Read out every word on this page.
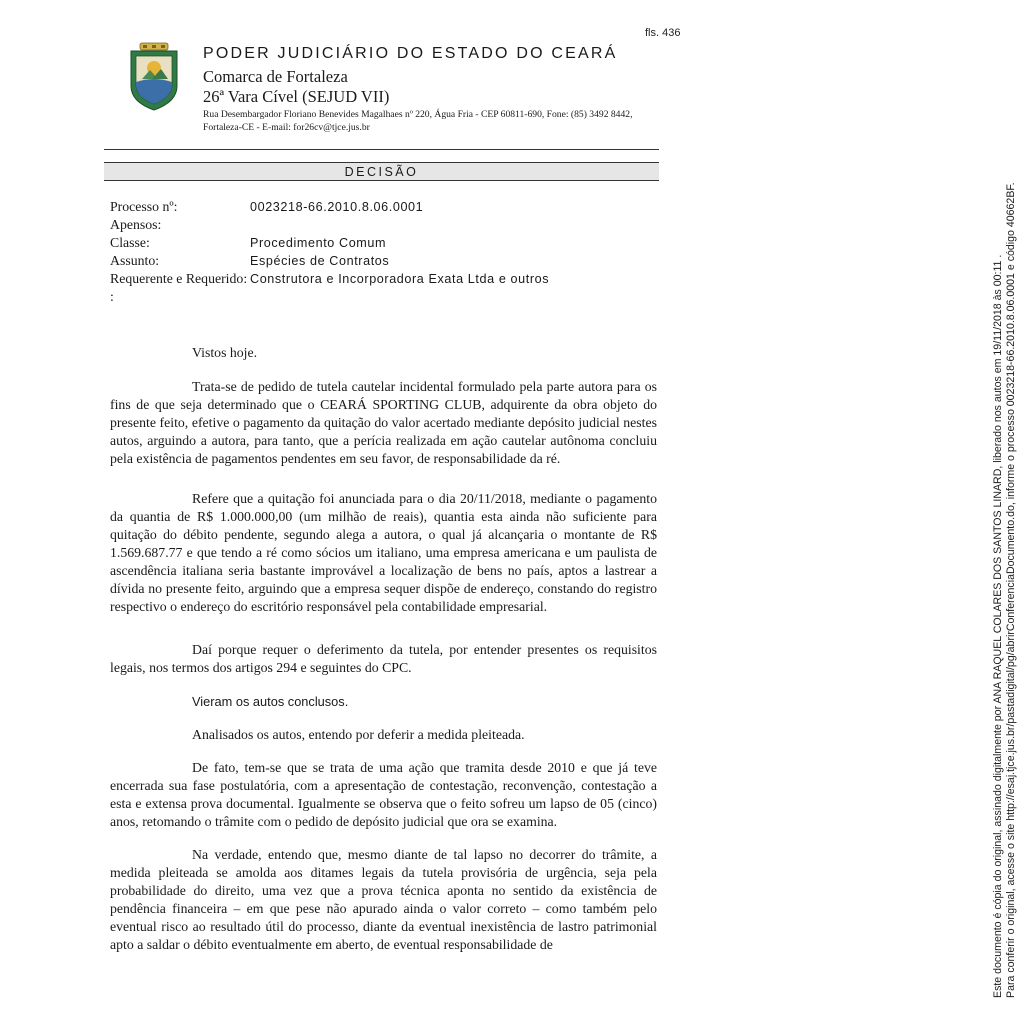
fls. 436
PODER JUDICIÁRIO DO ESTADO DO CEARÁ
Comarca de Fortaleza
26ª Vara Cível (SEJUD VII)
Rua Desembargador Floriano Benevides Magalhaes nº 220, Água Fria - CEP 60811-690, Fone: (85) 3492 8442,
Fortaleza-CE - E-mail: for26cv@tjce.jus.br
DECISÃO
Processo nº:	0023218-66.2010.8.06.0001
Apensos:
Classe:	Procedimento Comum
Assunto:	Espécies de Contratos
Requerente e Requerido: Construtora e Incorporadora Exata Ltda e outros
:

Vistos hoje.

Trata-se de pedido de tutela cautelar incidental formulado pela parte autora para os fins de que seja determinado que o CEARÁ SPORTING CLUB, adquirente da obra objeto do presente feito, efetive o pagamento da quitação do valor acertado mediante depósito judicial nestes autos, arguindo a autora, para tanto, que a perícia realizada em ação cautelar autônoma concluiu pela existência de pagamentos pendentes em seu favor, de responsabilidade da ré.

Refere que a quitação foi anunciada para o dia 20/11/2018, mediante o pagamento da quantia de R$ 1.000.000,00 (um milhão de reais), quantia esta ainda não suficiente para quitação do débito pendente, segundo alega a autora, o qual já alcançaria o montante de R$ 1.569.687.77 e que tendo a ré como sócios um italiano, uma empresa americana e um paulista de ascendência italiana seria bastante improvável a localização de bens no país, aptos a lastrear a dívida no presente feito, arguindo que a empresa sequer dispõe de endereço, constando do registro respectivo o endereço do escritório responsável pela contabilidade empresarial.

Daí porque requer o deferimento da tutela, por entender presentes os requisitos legais, nos termos dos artigos 294 e seguintes do CPC.

Vieram os autos conclusos.

Analisados os autos, entendo por deferir a medida pleiteada.

De fato, tem-se que se trata de uma ação que tramita desde 2010 e que já teve encerrada sua fase postulatória, com a apresentação de contestação, reconvenção, contestação a esta e extensa prova documental. Igualmente se observa que o feito sofreu um lapso de 05 (cinco) anos, retomando o trâmite com o pedido de depósito judicial que ora se examina.

Na verdade, entendo que, mesmo diante de tal lapso no decorrer do trâmite, a medida pleiteada se amolda aos ditames legais da tutela provisória de urgência, seja pela probabilidade do direito, uma vez que a prova técnica aponta no sentido da existência de pendência financeira – em que pese não apurado ainda o valor correto – como também pelo eventual risco ao resultado útil do processo, diante da eventual inexistência de lastro patrimonial apto a saldar o débito eventualmente em aberto, de eventual responsabilidade de	Este documento é cópia do original, assinado digitalmente por ANA RAQUEL COLARES DOS SANTOS LINARD, liberado nos autos em 19/11/2018 às 00:11 . Para conferir o original, acesse o site http://esaj.tjce.jus.br/pastadigital/pg/abrirConferenciaDocumento.do, informe o processo 0023218-66.2010.8.06.0001 e código 40662BF.
